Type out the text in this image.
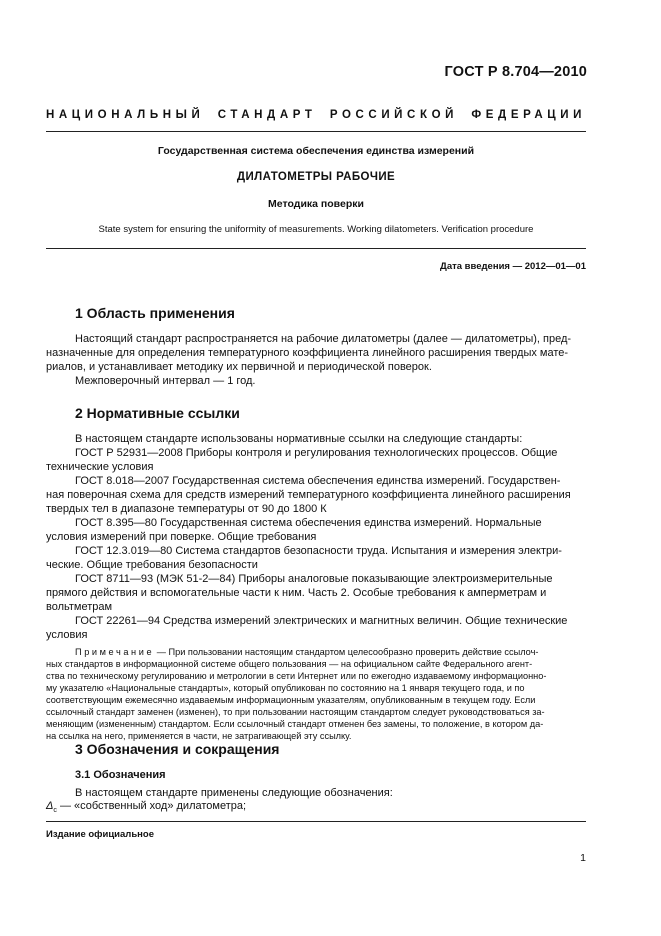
ГОСТ Р 8.704—2010
НАЦИОНАЛЬНЫЙ СТАНДАРТ РОССИЙСКОЙ ФЕДЕРАЦИИ
Государственная система обеспечения единства измерений
ДИЛАТОМЕТРЫ РАБОЧИЕ
Методика поверки
State system for ensuring the uniformity of measurements. Working dilatometers. Verification procedure
Дата введения — 2012—01—01
1 Область применения
Настоящий стандарт распространяется на рабочие дилатометры (далее — дилатометры), пред-
назначенные для определения температурного коэффициента линейного расширения твердых мате-
риалов, и устанавливает методику их первичной и периодической поверок.
Межповерочный интервал — 1 год.
2 Нормативные ссылки
В настоящем стандарте использованы нормативные ссылки на следующие стандарты:
ГОСТ Р 52931—2008 Приборы контроля и регулирования технологических процессов. Общие
технические условия
ГОСТ 8.018—2007 Государственная система обеспечения единства измерений. Государствен-
ная поверочная схема для средств измерений температурного коэффициента линейного расширения
твердых тел в диапазоне температуры от 90 до 1800 К
ГОСТ 8.395—80 Государственная система обеспечения единства измерений. Нормальные
условия измерений при поверке. Общие требования
ГОСТ 12.3.019—80 Система стандартов безопасности труда. Испытания и измерения электри-
ческие. Общие требования безопасности
ГОСТ 8711—93 (МЭК 51-2—84) Приборы аналоговые показывающие электроизмерительные
прямого действия и вспомогательные части к ним. Часть 2. Особые требования к амперметрам и
вольтметрам
ГОСТ 22261—94 Средства измерений электрических и магнитных величин. Общие технические
условия
Примечание — При пользовании настоящим стандартом целесообразно проверить действие ссылоч-
ных стандартов в информационной системе общего пользования — на официальном сайте Федерального агент-
ства по техническому регулированию и метрологии в сети Интернет или по ежегодно издаваемому информационно-
му указателю «Национальные стандарты», который опубликован по состоянию на 1 января текущего года, и по
соответствующим ежемесячно издаваемым информационным указателям, опубликованным в текущем году. Если
ссылочный стандарт заменен (изменен), то при пользовании настоящим стандартом следует руководствоваться за-
меняющим (измененным) стандартом. Если ссылочный стандарт отменен без замены, то положение, в котором да-
на ссылка на него, применяется в части, не затрагивающей эту ссылку.
3 Обозначения и сокращения
3.1 Обозначения
В настоящем стандарте применены следующие обозначения:
$\Delta_c$ — «собственный ход» дилатометра;
Издание официальное
1
